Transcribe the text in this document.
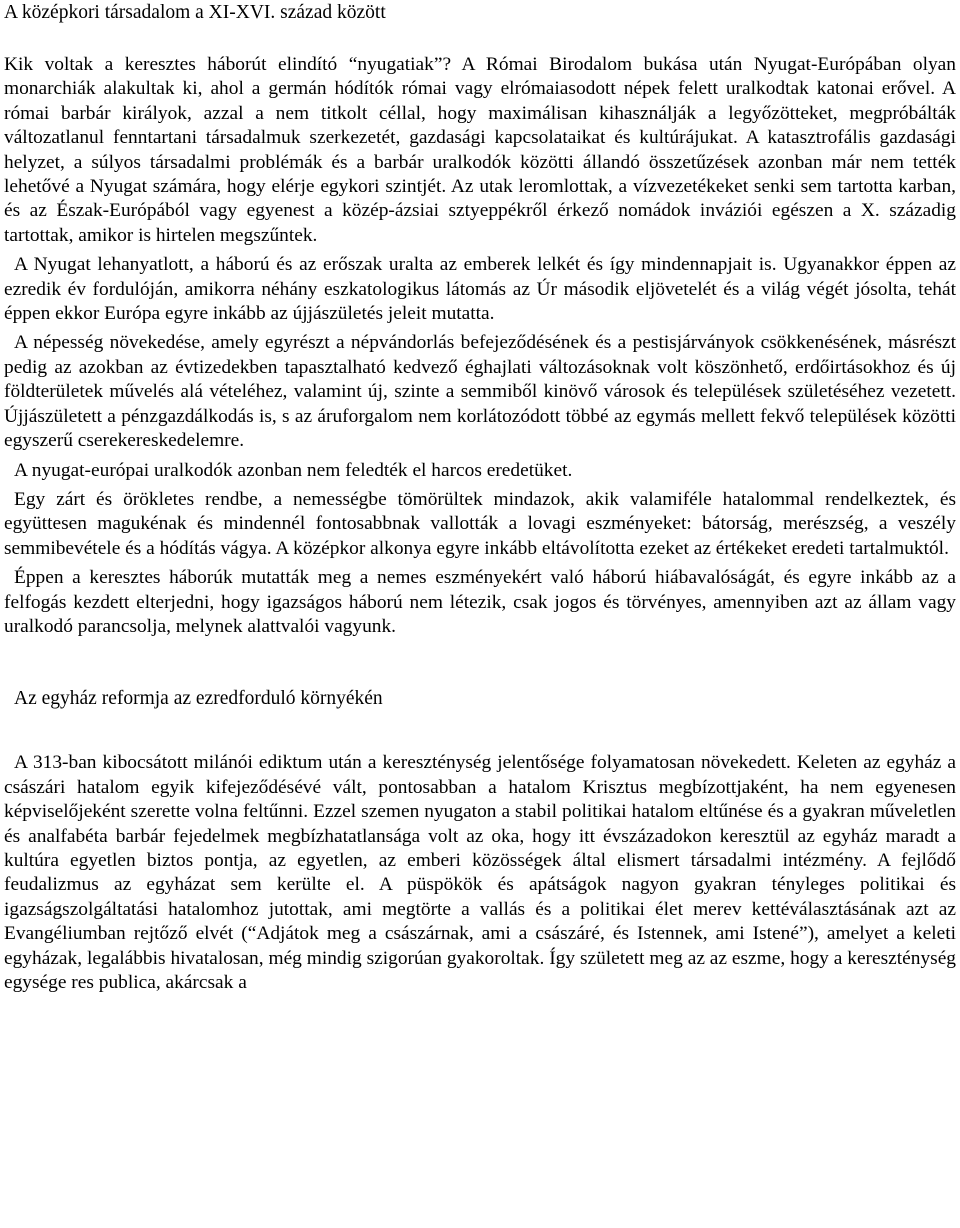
A középkori társadalom a XI-XVI. század között

Kik voltak a keresztes háborút elindító “nyugatiak”? A Római Birodalom bukása után Nyugat-Európában olyan monarchiák alakultak ki, ahol a germán hódítók római vagy elrómaiasodott népek felett uralkodtak katonai erővel. A római barbár királyok, azzal a nem titkolt céllal, hogy maximálisan kihasználják a legyőzötteket, megpróbálták változatlanul fenntartani társadalmuk szerkezetét, gazdasági kapcsolataikat és kultúrájukat. A katasztrofális gazdasági helyzet, a súlyos társadalmi problémák és a barbár uralkodók közötti állandó összetűzések azonban már nem tették lehetővé a Nyugat számára, hogy elérje egykori szintjét. Az utak leromlottak, a vízvezetékeket senki sem tartotta karban, és az Észak-Európából vagy egyenest a közép-ázsiai sztyeppékről érkező nomádok inváziói egészen a X. századig tartottak, amikor is hirtelen megszűntek.

A Nyugat lehanyatlott, a háború és az erőszak uralta az emberek lelkét és így mindennapjait is. Ugyanakkor éppen az ezredik év fordulóján, amikorra néhány eszkatologikus látomás az Úr második eljövetelét és a világ végét jósolta, tehát éppen ekkor Európa egyre inkább az újjászületés jeleit mutatta.

A népesség növekedése, amely egyrészt a népvándorlás befejeződésének és a pestisjárványok csökkenésének, másrészt pedig az azokban az évtizedekben tapasztalható kedvező éghajlati változásoknak volt köszönhető, erdőirtásokhoz és új földterületek művelés alá vételéhez, valamint új, szinte a semmiből kinövő városok és települések születéséhez vezetett. Újjászületett a pénzgazdálkodás is, s az áruforgalom nem korlátozódott többé az egymás mellett fekvő települések közötti egyszerű cserekereskedelemre.

A nyugat-európai uralkodók azonban nem feledték el harcos eredetüket.

Egy zárt és örökletes rendbe, a nemességbe tömörültek mindazok, akik valamiféle hatalommal rendelkeztek, és együttesen magukénak és mindennél fontosabbnak vallották a lovagi eszményeket: bátorság, merészség, a veszély semmibevétele és a hódítás vágya. A középkor alkonya egyre inkább eltávolította ezeket az értékeket eredeti tartalmuktól.

Éppen a keresztes háborúk mutatták meg a nemes eszményekért való háború hiábavalóságát, és egyre inkább az a felfogás kezdett elterjedni, hogy igazságos háború nem létezik, csak jogos és törvényes, amennyiben azt az állam vagy uralkodó parancsolja, melynek alattvalói vagyunk.

Az egyház reformja az ezredforduló környékén

A 313-ban kibocsátott milánói ediktum után a kereszténység jelentősége folyamatosan növekedett. Keleten az egyház a császári hatalom egyik kifejeződésévé vált, pontosabban a hatalom Krisztus megbízottjaként, ha nem egyenesen képviselőjeként szerette volna feltűnni. Ezzel szemen nyugaton a stabil politikai hatalom eltűnése és a gyakran műveletlen és analfabéta barbár fejedelmek megbízhatatlansága volt az oka, hogy itt évszázadokon keresztül az egyház maradt a kultúra egyetlen biztos pontja, az egyetlen, az emberi közösségek által elismert társadalmi intézmény. A fejlődő feudalizmus az egyházat sem kerülte el. A püspökök és apátságok nagyon gyakran tényleges politikai és igazságszolgáltatási hatalomhoz jutottak, ami megtörte a vallás és a politikai élet merev kettéválasztásának azt az Evangéliumban rejtőző elvét (“Adjátok meg a császárnak, ami a császáré, és Istennek, ami Istené”), amelyet a keleti egyházak, legalábbis hivatalosan, még mindig szigorúan gyakoroltak. Így született meg az az eszme, hogy a kereszténység egysége res publica, akárcsak a
